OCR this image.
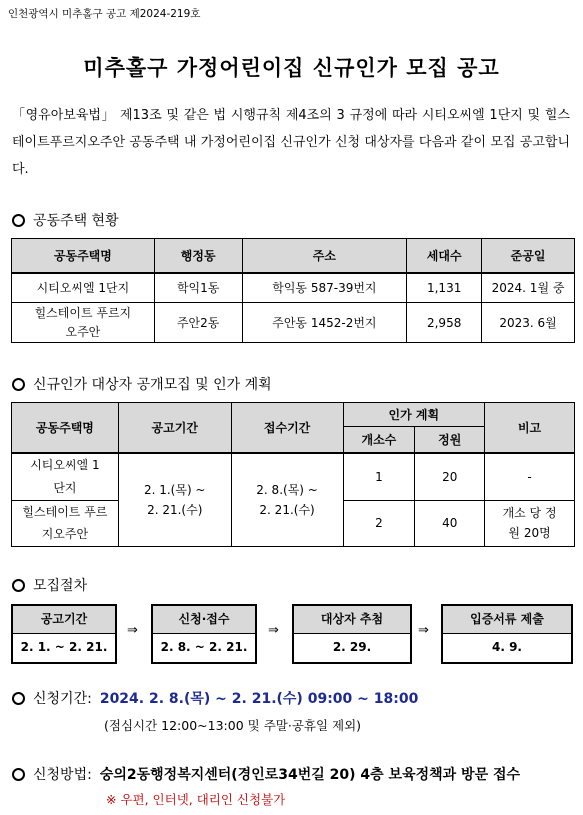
인천광역시 미추홀구 공고 제2024-219호
미추홀구 가정어린이집 신규인가 모집 공고
「영유아보육법」 제13조 및 같은 법 시행규칙 제4조의 3 규정에 따라 시티오씨엘 1단지 및 힐스테이트푸르지오주안 공동주택 내 가정어린이집 신규인가 신청 대상자를 다음과 같이 모집 공고합니다.
공동주택 현황
공동주택명	행정동	주소	세대수	준공일
시티오씨엘 1단지	학익1동	학익동 587-39번지	1,131	2024. 1월 중
힐스테이트 푸르지오주안	주안2동	주안동 1452-2번지	2,958	2023. 6월
신규인가 대상자 공개모집 및 인가 계획
공동주택명	공고기간	접수기간	인가 계획		비고
			개소수	정원	
시티오씨엘 1단지	2. 1.(목) ~ 2. 21.(수)	2. 8.(목) ~ 2. 21.(수)	1	20	-
힐스테이트 푸르지오주안			2	40	개소 당 정원 20명
모집절차
공고기간
2. 1. ~ 2. 21.
⇒
신청·접수
2. 8. ~ 2. 21.
⇒
대상자 추첨
2. 29.
⇒
입증서류 제출
4. 9.
신청기간: 2024. 2. 8.(목) ~ 2. 21.(수) 09:00 ~ 18:00
(점심시간 12:00~13:00 및 주말·공휴일 제외)
신청방법: 숭의2동행정복지센터(경인로34번길 20) 4층 보육정책과 방문 접수
※ 우편, 인터넷, 대리인 신청불가
